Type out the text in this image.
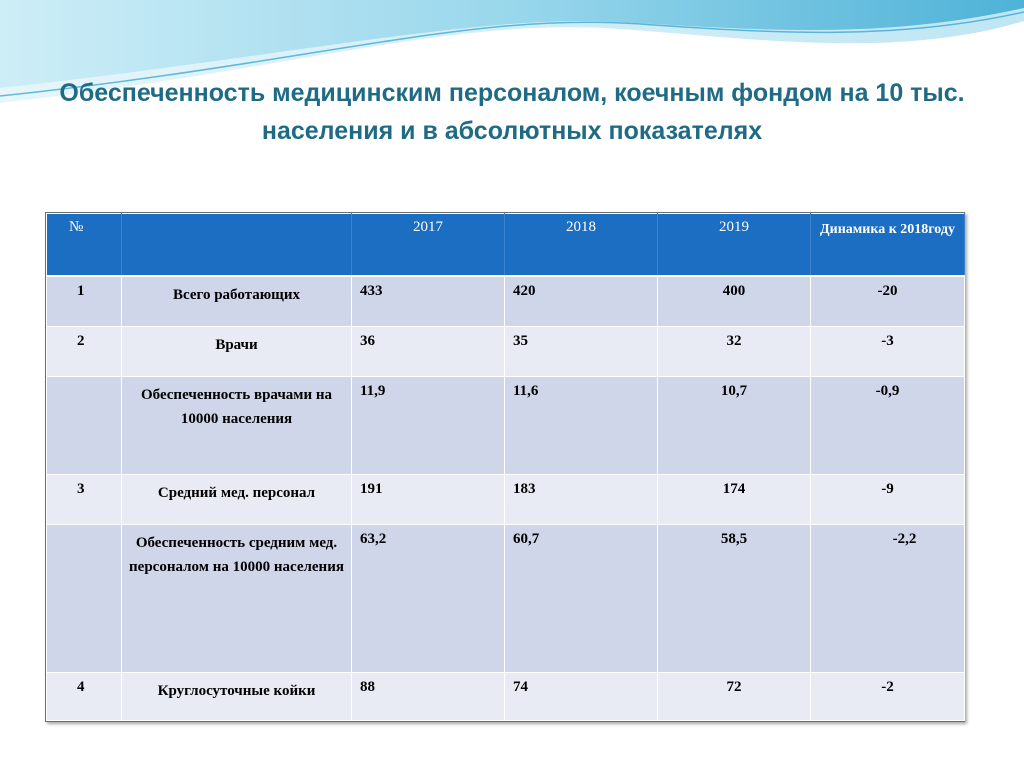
Обеспеченность медицинским персоналом, коечным фондом на 10 тыс. населения и в абсолютных показателях
№		2017	2018	2019	Динамика к 2018году
1	Всего работающих	433	420	400	-20
2	Врачи	36	35	32	-3
	Обеспеченность врачами на 10000 населения	11,9	11,6	10,7	-0,9
3	Средний мед. персонал	191	183	174	-9
	Обеспеченность средним мед. персоналом на 10000 населения	63,2	60,7	58,5	-2,2
4	Круглосуточные койки	88	74	72	-2
